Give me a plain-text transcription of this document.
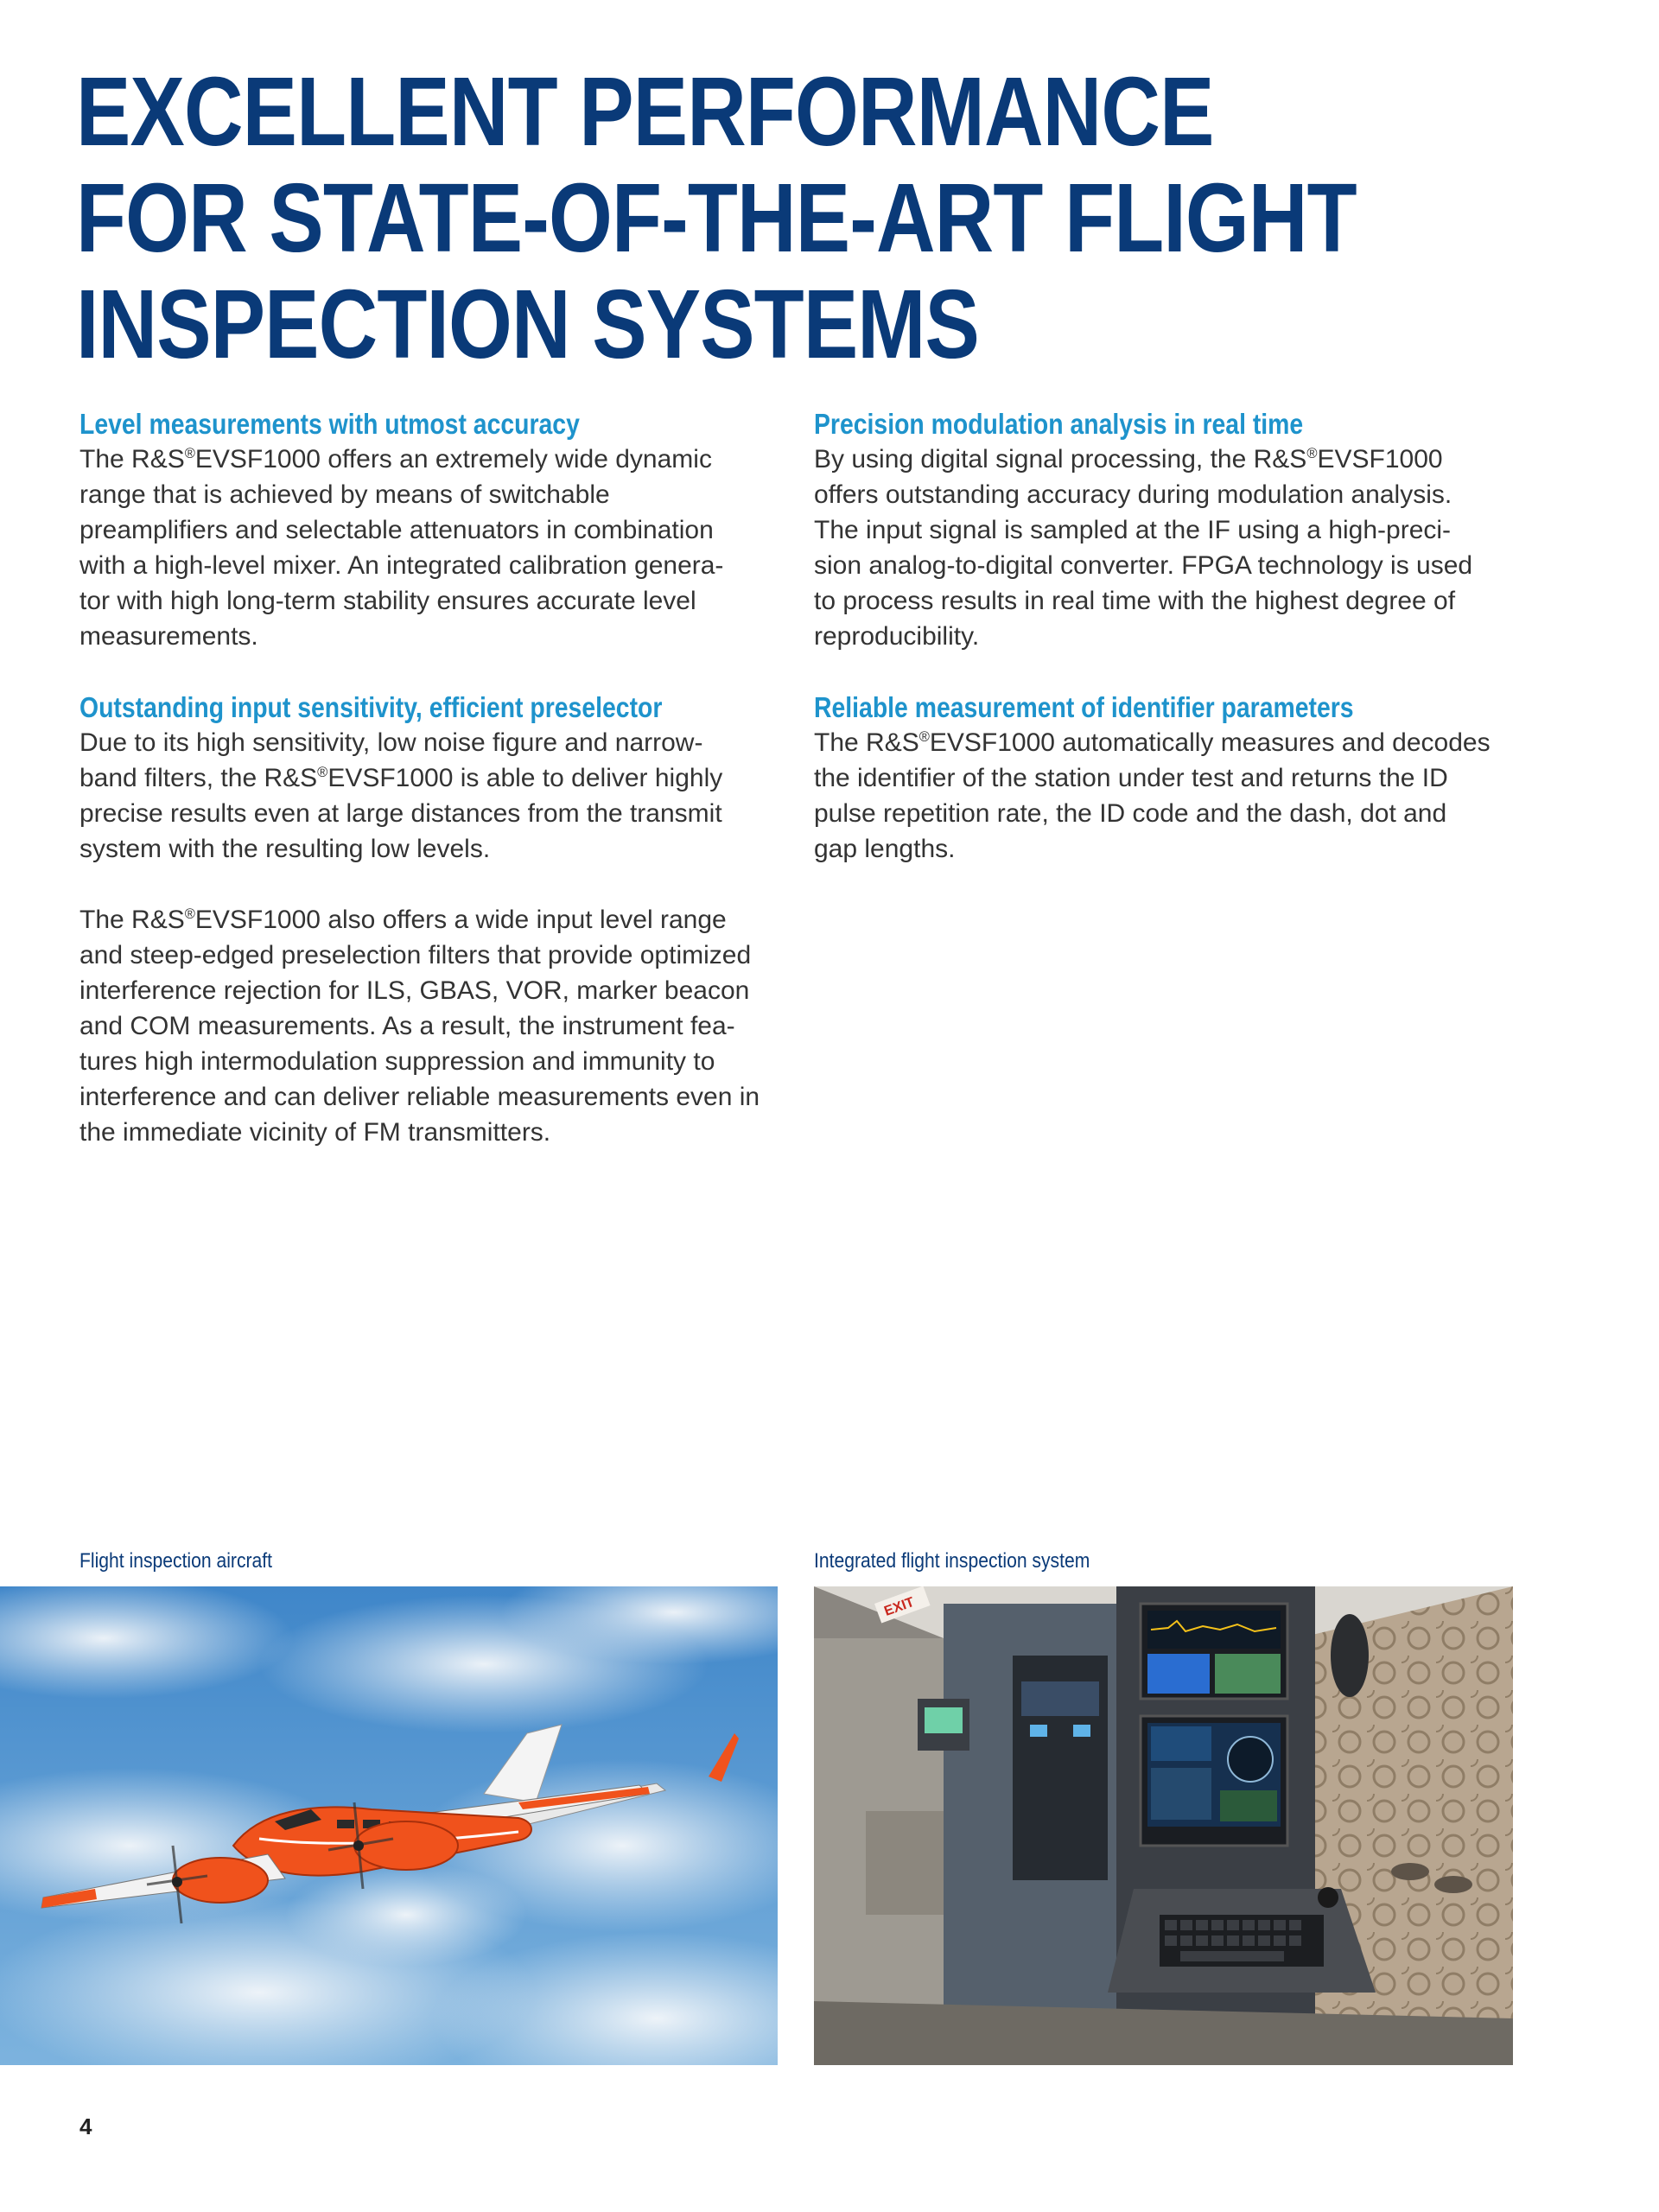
EXCELLENT PERFORMANCE
FOR STATE-OF-THE-ART FLIGHT
INSPECTION SYSTEMS
Level measurements with utmost accuracy
The R&S®EVSF1000 offers an extremely wide dynamic
range that is achieved by means of switchable
preamplifiers and selectable attenuators in combination
with a high-level mixer. An integrated calibration genera-
tor with high long-term stability ensures accurate level
measurements.
Outstanding input sensitivity, efficient preselector
Due to its high sensitivity, low noise figure and narrow-
band filters, the R&S®EVSF1000 is able to deliver highly
precise results even at large distances from the transmit
system with the resulting low levels.
The R&S®EVSF1000 also offers a wide input level range
and steep-edged preselection filters that provide optimized
interference rejection for ILS, GBAS, VOR, marker beacon
and COM measurements. As a result, the instrument fea-
tures high intermodulation suppression and immunity to
interference and can deliver reliable measurements even in
the immediate vicinity of FM transmitters.
Precision modulation analysis in real time
By using digital signal processing, the R&S®EVSF1000
offers outstanding accuracy during modulation analysis.
The input signal is sampled at the IF using a high-preci-
sion analog-to-digital converter. FPGA technology is used
to process results in real time with the highest degree of
reproducibility.
Reliable measurement of identifier parameters
The R&S®EVSF1000 automatically measures and decodes
the identifier of the station under test and returns the ID
pulse repetition rate, the ID code and the dash, dot and
gap lengths.
Flight inspection aircraft	Integrated flight inspection system
EXIT
4
